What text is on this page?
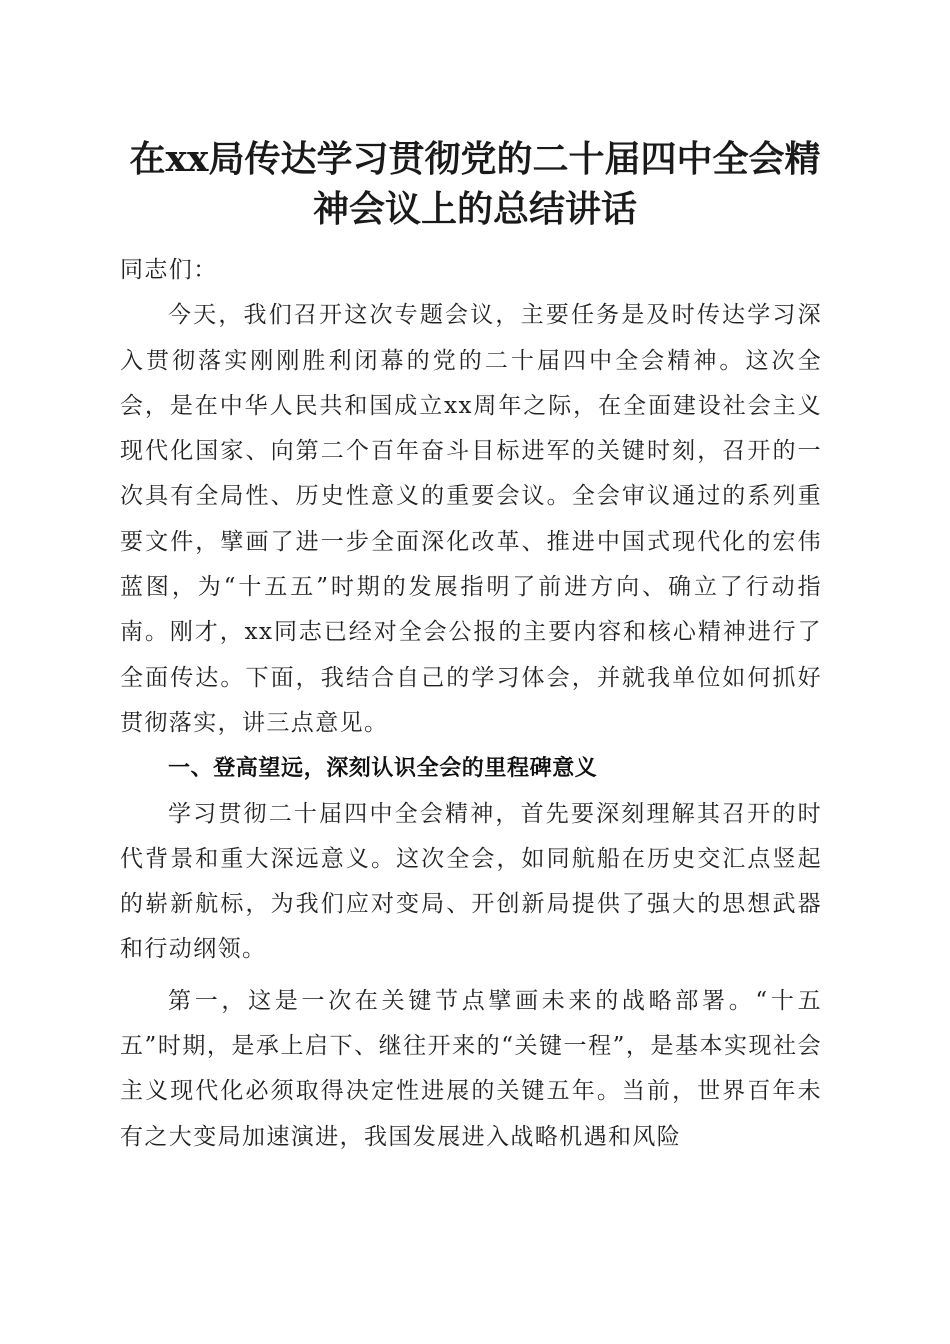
在xx局传达学习贯彻党的二十届四中全会精神会议上的总结讲话

同志们：

今天，我们召开这次专题会议，主要任务是及时传达学习深入贯彻落实刚刚胜利闭幕的党的二十届四中全会精神。这次全会，是在中华人民共和国成立xx周年之际，在全面建设社会主义现代化国家、向第二个百年奋斗目标进军的关键时刻，召开的一次具有全局性、历史性意义的重要会议。全会审议通过的系列重要文件，擘画了进一步全面深化改革、推进中国式现代化的宏伟蓝图，为“十五五”时期的发展指明了前进方向、确立了行动指南。刚才，xx同志已经对全会公报的主要内容和核心精神进行了全面传达。下面，我结合自己的学习体会，并就我单位如何抓好贯彻落实，讲三点意见。

一、登高望远，深刻认识全会的里程碑意义

学习贯彻二十届四中全会精神，首先要深刻理解其召开的时代背景和重大深远意义。这次全会，如同航船在历史交汇点竖起的崭新航标，为我们应对变局、开创新局提供了强大的思想武器和行动纲领。

第一，这是一次在关键节点擘画未来的战略部署。“十五五”时期，是承上启下、继往开来的“关键一程”，是基本实现社会主义现代化必须取得决定性进展的关键五年。当前，世界百年未有之大变局加速演进，我国发展进入战略机遇和风险
